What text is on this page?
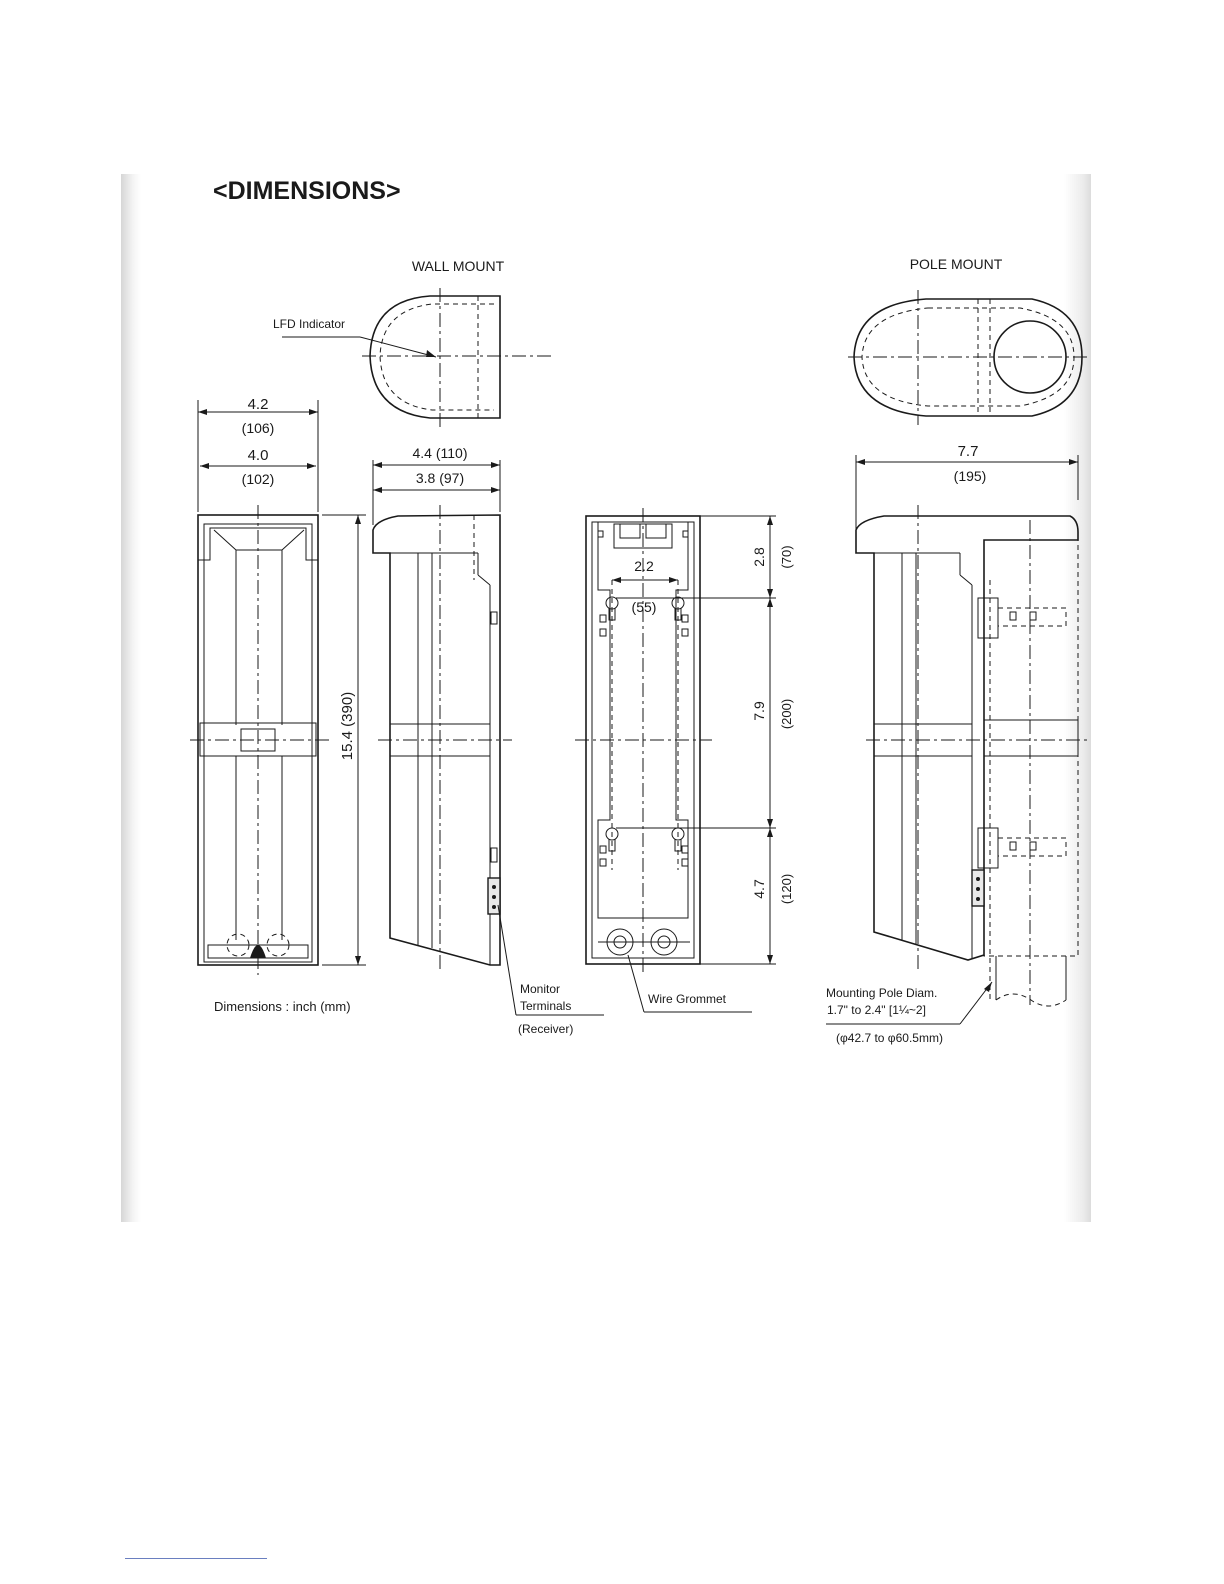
<DIMENSIONS>
4.2
(106)
4.0
(102)
15.4 (390)
WALL MOUNT
LFD Indicator
4.4 (110)
3.8 (97)
Monitor
Terminals
(Receiver)
2.2
(55)
2.8 (70)
7.9 (200)
4.7 (120)
Wire Grommet
POLE MOUNT
7.7
(195)
Mounting Pole Diam.
1.7" to 2.4" [1¼~2]
(φ42.7 to φ60.5mm)
Dimensions : inch (mm)
